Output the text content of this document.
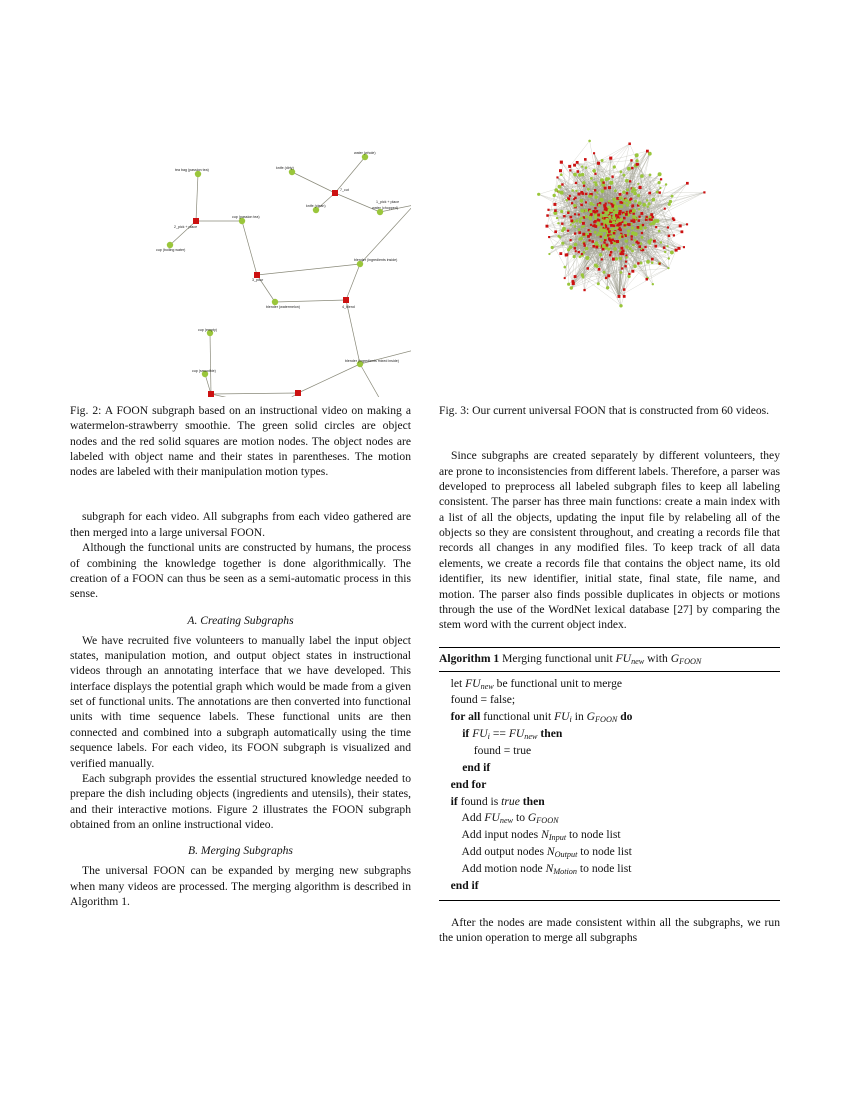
tea bag (passion tea)	knife (dirty)
water (whole)
7_cut
knife (clean)	water (chopped)
1_pick + place
2_pick + place
cup (passion tea)
cup (boiling water)
blender (ingredients inside)
3_pour
blender (watermelon)	4_blend
cup (empty)
blender (ingredients mixed inside)
cup (smoothie)
Fig. 2: A FOON subgraph based on an instructional video on making a watermelon-strawberry smoothie. The green solid circles are object nodes and the red solid squares are motion nodes. The object nodes are labeled with object name and their states in parentheses. The motion nodes are labeled with their manipulation motion types.

subgraph for each video. All subgraphs from each video gathered are then merged into a large universal FOON.

Although the functional units are constructed by humans, the process of combining the knowledge together is done algorithmically. The creation of a FOON can thus be seen as a semi-automatic process in this sense.

A. Creating Subgraphs

We have recruited five volunteers to manually label the input object states, manipulation motion, and output object states in instructional videos through an annotating interface that we have developed. This interface displays the potential graph which would be made from a given set of functional units. The annotations are then converted into functional units with time sequence labels. These functional units are then connected and combined into a subgraph automatically using the time sequence labels. For each video, its FOON subgraph is visualized and verified manually.

Each subgraph provides the essential structured knowledge needed to prepare the dish including objects (ingredients and utensils), their states, and their interactive motions. Figure 2 illustrates the FOON subgraph obtained from an online instructional video.

B. Merging Subgraphs

The universal FOON can be expanded by merging new subgraphs when many videos are processed. The merging algorithm is described in Algorithm 1.

Fig. 3: Our current universal FOON that is constructed from 60 videos.

Since subgraphs are created separately by different volunteers, they are prone to inconsistencies from different labels. Therefore, a parser was developed to preprocess all labeled subgraph files to keep all labeling consistent. The parser has three main functions: create a main index with a list of all the objects, updating the input file by relabeling all of the objects so they are consistent throughout, and creating a records file that records all changes in any modified files. To keep track of all data elements, we create a records file that contains the object name, its old identifier, its new identifier, initial state, final state, file name, and motion. The parser also finds possible duplicates in objects or motions through the use of the WordNet lexical database [27] by comparing the stem word with the current object index.

Algorithm 1 Merging functional unit $FU_{new}$ with $G_{FOON}$
let $FU_{new}$ be functional unit to merge
found = false;
for all functional unit $FU_i$ in $G_{FOON}$ do
if $FU_i == FU_{new}$ then
found = true
end if
end for
if found is true then
Add $FU_{new}$ to $G_{FOON}$
Add input nodes $N_{Input}$ to node list
Add output nodes $N_{Output}$ to node list
Add motion node $N_{Motion}$ to node list
end if

After the nodes are made consistent within all the subgraphs, we run the union operation to merge all subgraphs
